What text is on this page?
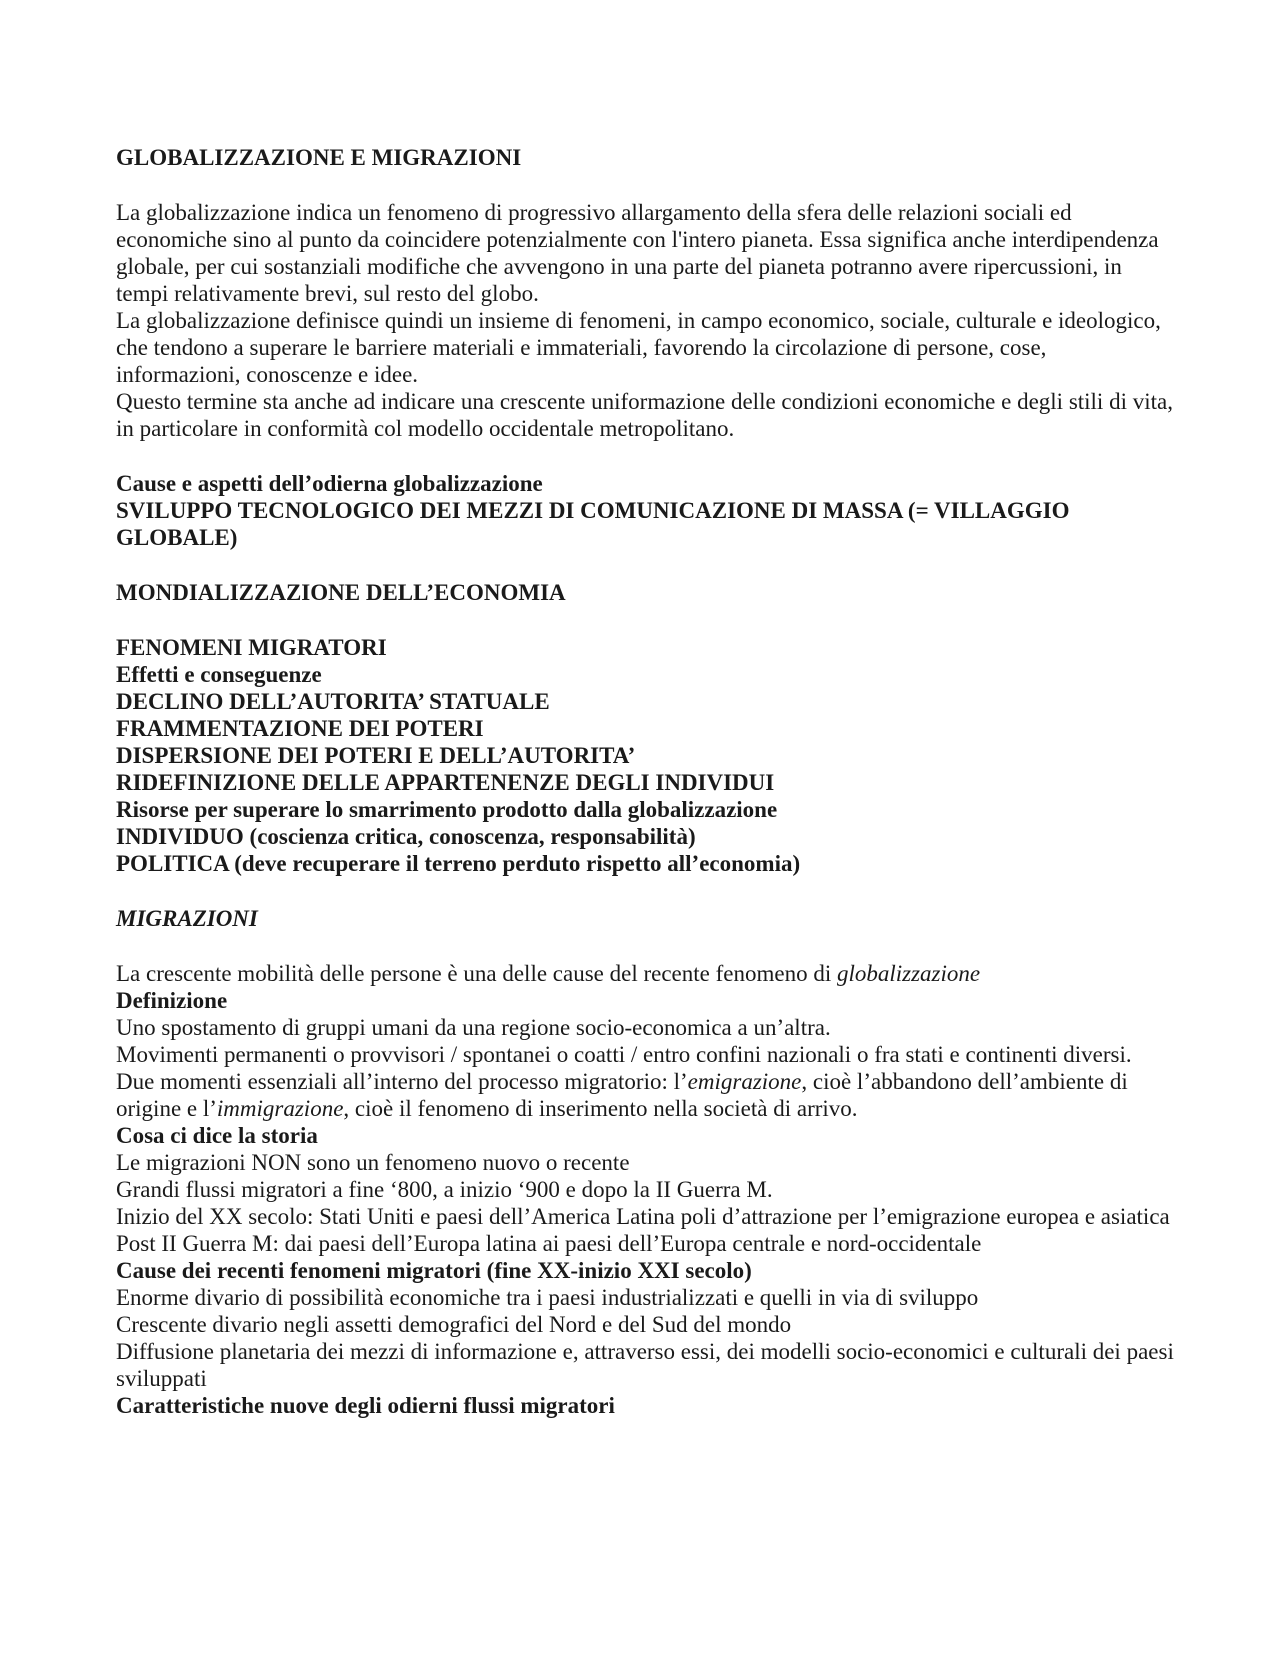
GLOBALIZZAZIONE E MIGRAZIONI

La globalizzazione indica un fenomeno di progressivo allargamento della sfera delle relazioni sociali ed economiche sino al punto da coincidere potenzialmente con l'intero pianeta. Essa significa anche interdipendenza globale, per cui sostanziali modifiche che avvengono in una parte del pianeta potranno avere ripercussioni, in tempi relativamente brevi, sul resto del globo.

La globalizzazione definisce quindi un insieme di fenomeni, in campo economico, sociale, culturale e ideologico, che tendono a superare le barriere materiali e immateriali, favorendo la circolazione di persone, cose, informazioni, conoscenze e idee.

Questo termine sta anche ad indicare una crescente uniformazione delle condizioni economiche e degli stili di vita, in particolare in conformità col modello occidentale metropolitano.

Cause e aspetti dell’odierna globalizzazione

SVILUPPO TECNOLOGICO DEI MEZZI DI COMUNICAZIONE DI MASSA (= VILLAGGIO GLOBALE)

MONDIALIZZAZIONE DELL’ECONOMIA

FENOMENI MIGRATORI

Effetti e conseguenze

DECLINO DELL’AUTORITA’ STATUALE

FRAMMENTAZIONE DEI POTERI

DISPERSIONE DEI POTERI E DELL’AUTORITA’

RIDEFINIZIONE DELLE APPARTENENZE DEGLI INDIVIDUI

Risorse per superare lo smarrimento prodotto dalla globalizzazione

INDIVIDUO (coscienza critica, conoscenza, responsabilità)

POLITICA (deve recuperare il terreno perduto rispetto all’economia)

MIGRAZIONI

La crescente mobilità delle persone è una delle cause del recente fenomeno di globalizzazione

Definizione

Uno spostamento di gruppi umani da una regione socio-economica a un’altra.

Movimenti permanenti o provvisori / spontanei o coatti / entro confini nazionali o fra stati e continenti diversi.

Due momenti essenziali all’interno del processo migratorio: l’emigrazione, cioè l’abbandono dell’ambiente di origine e l’immigrazione, cioè il fenomeno di inserimento nella società di arrivo.

Cosa ci dice la storia

Le migrazioni NON sono un fenomeno nuovo o recente

Grandi flussi migratori a fine ‘800, a inizio ‘900 e dopo la II Guerra M.

Inizio del XX secolo: Stati Uniti e paesi dell’America Latina poli d’attrazione per l’emigrazione europea e asiatica

Post II Guerra M: dai paesi dell’Europa latina ai paesi dell’Europa centrale e nord-occidentale

Cause dei recenti fenomeni migratori (fine XX-inizio XXI secolo)

Enorme divario di possibilità economiche tra i paesi industrializzati e quelli in via di sviluppo

Crescente divario negli assetti demografici del Nord e del Sud del mondo

Diffusione planetaria dei mezzi di informazione e, attraverso essi, dei modelli socio-economici e culturali dei paesi sviluppati

Caratteristiche nuove degli odierni flussi migratori
